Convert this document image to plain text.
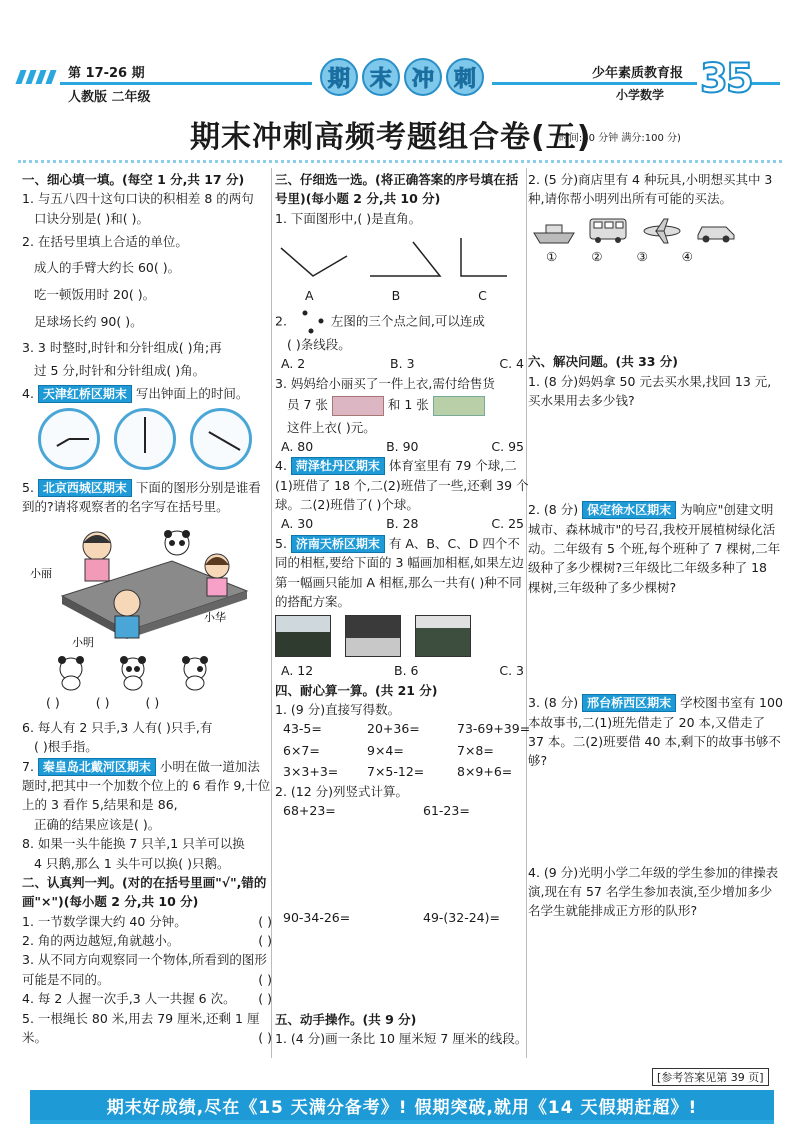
第 17-26 期
人教版 二年级
期 末 冲 刺	少年素质教育报
小学数学 35
期末冲刺高频考题组合卷(五)
(时间:40 分钟 满分:100 分)
一、细心填一填。(每空 1 分,共 17 分)
1. 与五八四十这句口诀的积相差 8 的两句
口诀分别是( )和( )。
2. 在括号里填上合适的单位。
成人的手臂大约长 60( )。
吃一顿饭用时 20( )。
足球场长约 90( )。
3. 3 时整时,时针和分针组成( )角;再
过 5 分,时针和分针组成( )角。
4. 天津红桥区期末 写出钟面上的时间。
5. 北京西城区期末 下面的图形分别是谁看到的?请将观察者的名字写在括号里。
小丽
小明
小华
( )	( )	( )
6. 每人有 2 只手,3 人有( )只手,有
( )根手指。
7. 秦皇岛北戴河区期末 小明在做一道加法题时,把其中一个加数个位上的 6 看作 9,十位上的 3 看作 5,结果和是 86,
正确的结果应该是( )。
8. 如果一头牛能换 7 只羊,1 只羊可以换
4 只鹅,那么 1 头牛可以换( )只鹅。
二、认真判一判。(对的在括号里画"√",错的画"×")(每小题 2 分,共 10 分)
1. 一节数学课大约 40 分钟。	( )
2. 角的两边越短,角就越小。	( )
3. 从不同方向观察同一个物体,所看到的图形可能是不同的。	( )
4. 每 2 人握一次手,3 人一共握 6 次。 ( )
5. 一根绳长 80 米,用去 79 厘米,还剩 1 厘米。	( )
三、仔细选一选。(将正确答案的序号填在括号里)(每小题 2 分,共 10 分)
1. 下面图形中,( )是直角。
A	B	C
2.	左图的三个点之间,可以连成
( )条线段。
A. 2	B. 3	C. 4
3. 妈妈给小丽买了一件上衣,需付给售货
员 7 张	和 1 张
这件上衣( )元。
A. 80	B. 90	C. 95
4. 菏泽牡丹区期末 体育室里有 79 个球,二(1)班借了 18 个,二(2)班借了一些,还剩 39 个球。二(2)班借了( )个球。
A. 30	B. 28	C. 25
5. 济南天桥区期末 有 A、B、C、D 四个不同的相框,要给下面的 3 幅画加相框,如果左边第一幅画只能加 A 相框,那么一共有( )种不同的搭配方案。
A. 12	B. 6	C. 3
四、耐心算一算。(共 21 分)
1. (9 分)直接写得数。
43-5=	20+36=	73-69+39=
6×7=	9×4=	7×8=
3×3+3=	7×5-12=	8×9+6=
2. (12 分)列竖式计算。
68+23=	61-23=
90-34-26=	49-(32-24)=
五、动手操作。(共 9 分)
1. (4 分)画一条比 10 厘米短 7 厘米的线段。
2. (5 分)商店里有 4 种玩具,小明想买其中 3 种,请你帮小明列出所有可能的买法。
①	②	③	④
六、解决问题。(共 33 分)
1. (8 分)妈妈拿 50 元去买水果,找回 13 元,买水果用去多少钱?
2. (8 分) 保定徐水区期末 为响应"创建文明城市、森林城市"的号召,我校开展植树绿化活动。二年级有 5 个班,每个班种了 7 棵树,二年级种了多少棵树?三年级比二年级多种了 18 棵树,三年级种了多少棵树?
3. (8 分) 邢台桥西区期末 学校图书室有 100 本故事书,二(1)班先借走了 20 本,又借走了 37 本。二(2)班要借 40 本,剩下的故事书够不够?
4. (9 分)光明小学二年级的学生参加的律操表演,现在有 57 名学生参加表演,至少增加多少名学生就能排成正方形的队形?
[参考答案见第 39 页]
期末好成绩,尽在《15 天满分备考》! 假期突破,就用《14 天假期赶超》!
